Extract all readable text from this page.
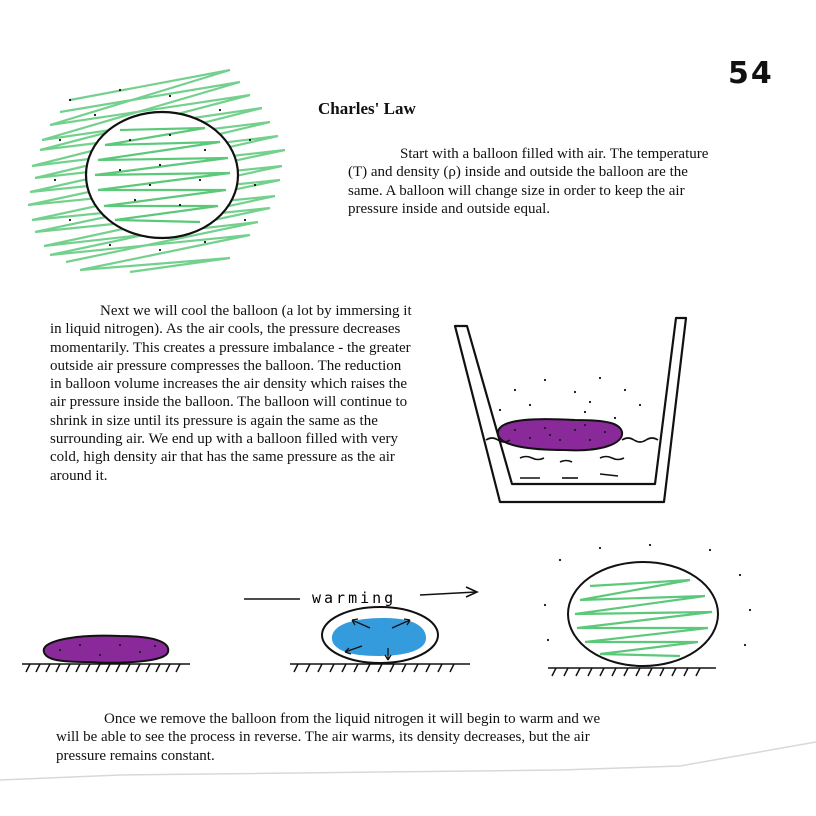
54
Charles' Law

Start with a balloon filled with air. The temperature (T) and density (ρ) inside and outside the balloon are the same. A balloon will change size in order to keep the air pressure inside and outside equal.

Next we will cool the balloon (a lot by immersing it in liquid nitrogen). As the air cools, the pressure decreases momentarily. This creates a pressure imbalance - the greater outside air pressure compresses the balloon. The reduction in balloon volume increases the air density which raises the air pressure inside the balloon. The balloon will continue to shrink in size until its pressure is again the same as the surrounding air. We end up with a balloon filled with very cold, high density air that has the same pressure as the air around it.

Once we remove the balloon from the liquid nitrogen it will begin to warm and we will be able to see the process in reverse. The air warms, its density decreases, but the air pressure remains constant.

warming
